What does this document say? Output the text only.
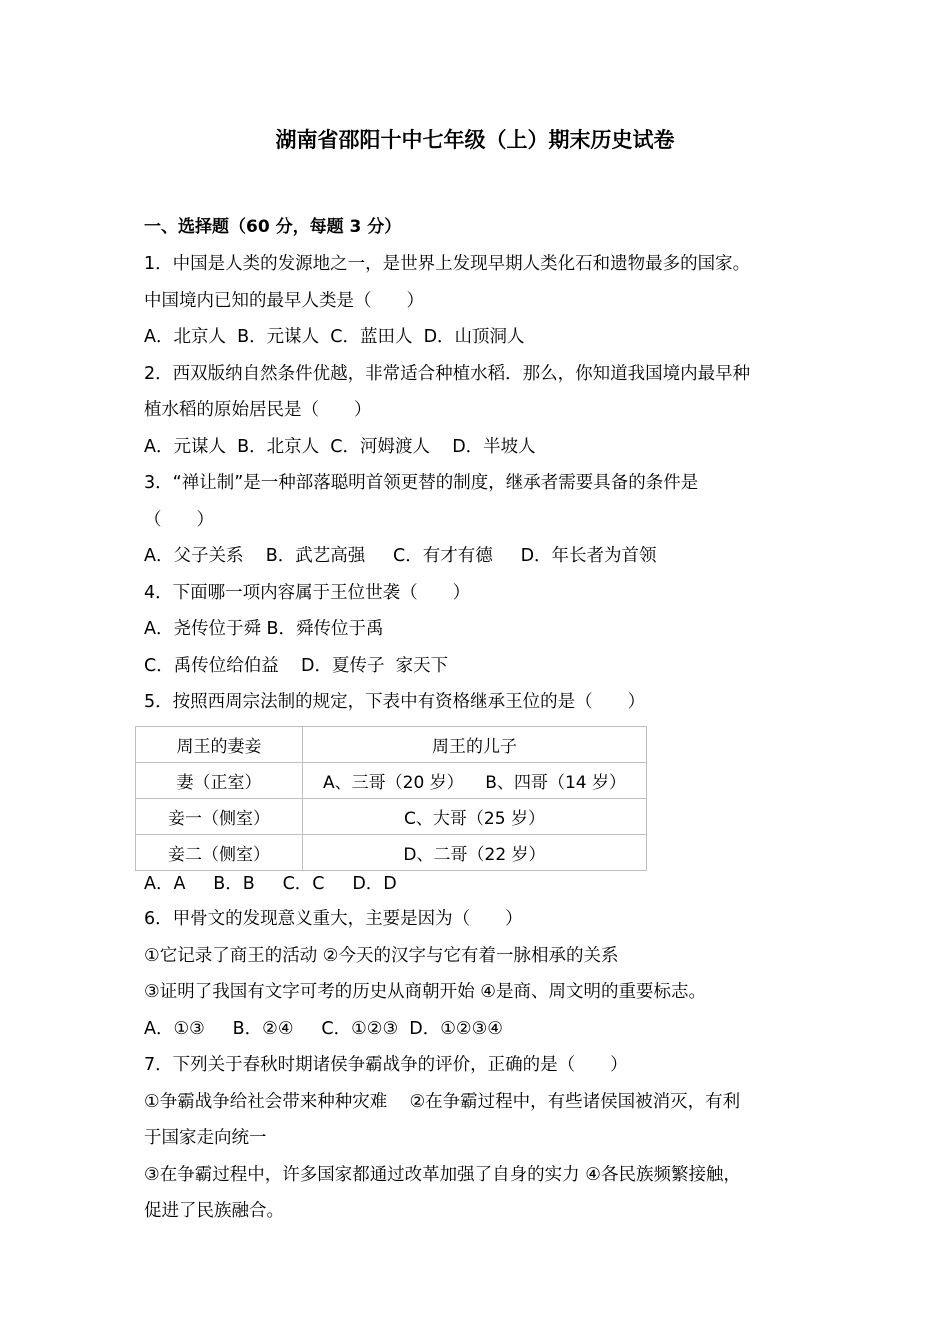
湖南省邵阳十中七年级（上）期末历史试卷
一、选择题（60 分，每题 3 分）
1．中国是人类的发源地之一，是世界上发现早期人类化石和遗物最多的国家。
中国境内已知的最早人类是（　　）
A．北京人  B．元谋人  C．蓝田人  D．山顶洞人
2．西双版纳自然条件优越，非常适合种植水稻．那么，你知道我国境内最早种
植水稻的原始居民是（　　）
A．元谋人  B．北京人  C．河姆渡人    D．半坡人
3．“禅让制”是一种部落聪明首领更替的制度，继承者需要具备的条件是
（　　）
A．父子关系    B．武艺高强     C．有才有德     D．年长者为首领
4．下面哪一项内容属于王位世袭（　　）
A．尧传位于舜 B．舜传位于禹
C．禹传位给伯益    D．夏传子  家天下
5．按照西周宗法制的规定，下表中有资格继承王位的是（　　）
周王的妻妾	周王的儿子
妻（正室）	A、三哥（20 岁）    B、四哥（14 岁）
妾一（侧室）	C、大哥（25 岁）
妾二（侧室）	D、二哥（22 岁）
A．A     B．B     C．C     D．D
6．甲骨文的发现意义重大，主要是因为（　　）
①它记录了商王的活动 ②今天的汉字与它有着一脉相承的关系
③证明了我国有文字可考的历史从商朝开始 ④是商、周文明的重要标志。
A．①③     B．②④     C．①②③  D．①②③④
7．下列关于春秋时期诸侯争霸战争的评价，正确的是（　　）
①争霸战争给社会带来种种灾难    ②在争霸过程中，有些诸侯国被消灭，有利
于国家走向统一
③在争霸过程中，许多国家都通过改革加强了自身的实力 ④各民族频繁接触，
促进了民族融合。
